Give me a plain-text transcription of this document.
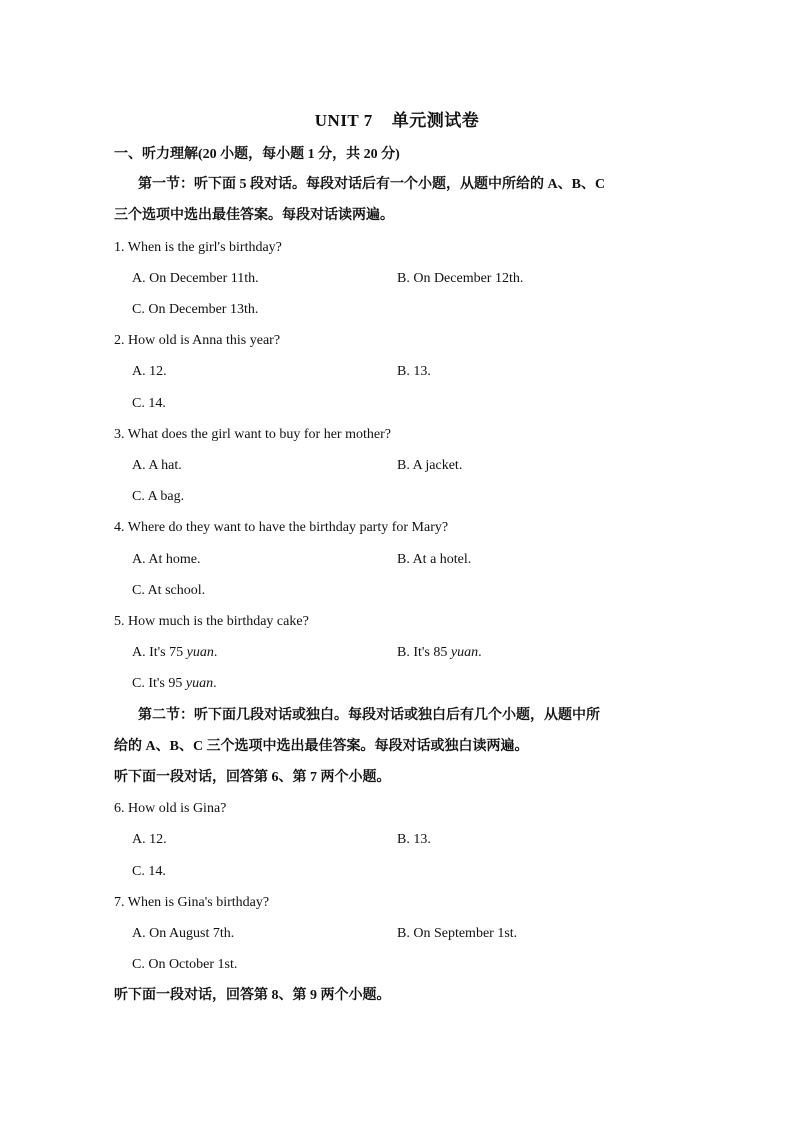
UNIT 7    单元测试卷
一、听力理解(20 小题，每小题 1 分，共 20 分)
第一节：听下面 5 段对话。每段对话后有一个小题，从题中所给的 A、B、C
三个选项中选出最佳答案。每段对话读两遍。
1. When is the girl's birthday?
A. On December 11th.	B. On December 12th.
C. On December 13th.
2. How old is Anna this year?
A. 12.	B. 13.
C. 14.
3. What does the girl want to buy for her mother?
A. A hat.	B. A jacket.
C. A bag.
4. Where do they want to have the birthday party for Mary?
A. At home.	B. At a hotel.
C. At school.
5. How much is the birthday cake?
A. It's 75 yuan.	B. It's 85 yuan.
C. It's 95 yuan.
第二节：听下面几段对话或独白。每段对话或独白后有几个小题，从题中所
给的 A、B、C 三个选项中选出最佳答案。每段对话或独白读两遍。
听下面一段对话，回答第 6、第 7 两个小题。
6. How old is Gina?
A. 12.	B. 13.
C. 14.
7. When is Gina's birthday?
A. On August 7th.	B. On September 1st.
C. On October 1st.
听下面一段对话，回答第 8、第 9 两个小题。
